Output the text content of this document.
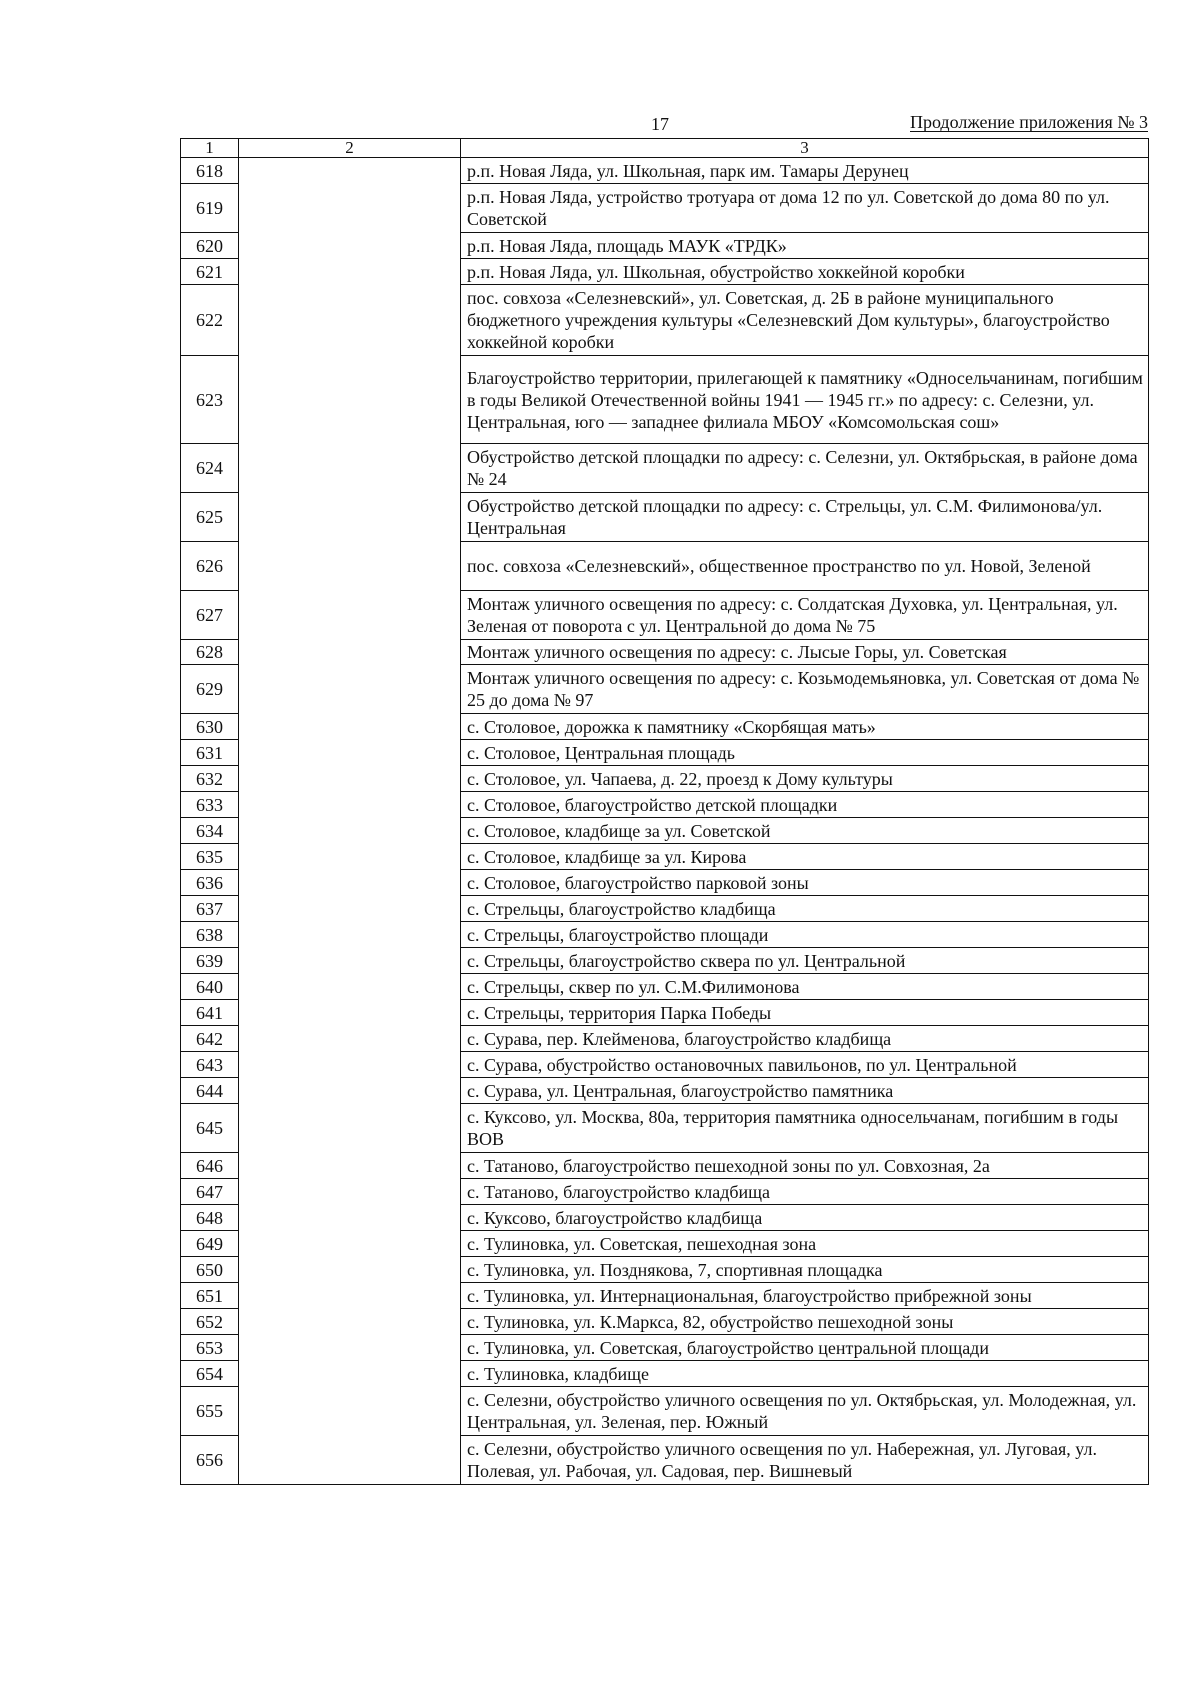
17	Продолжение приложения № 3
1	2	3
618		р.п. Новая Ляда, ул. Школьная, парк им. Тамары Дерунец
619		р.п. Новая Ляда, устройство тротуара от дома 12 по ул. Советской до дома 80 по ул. Советской
620		р.п. Новая Ляда, площадь МАУК «ТРДК»
621		р.п. Новая Ляда, ул. Школьная, обустройство хоккейной коробки
622		пос. совхоза «Селезневский», ул. Советская, д. 2Б в районе муниципального бюджетного учреждения культуры «Селезневский Дом культуры», благоустройство хоккейной коробки
623		Благоустройство территории, прилегающей к памятнику «Односельчанинам, погибшим в годы Великой Отечественной войны 1941 — 1945 гг.» по адресу: с. Селезни, ул. Центральная, юго — западнее филиала МБОУ «Комсомольская сош»
624		Обустройство детской площадки по адресу: с. Селезни, ул. Октябрьская, в районе дома № 24
625		Обустройство детской площадки по адресу: с. Стрельцы, ул. С.М. Филимонова/ул. Центральная
626		пос. совхоза «Селезневский», общественное пространство по ул. Новой, Зеленой
627		Монтаж уличного освещения по адресу: с. Солдатская Духовка, ул. Центральная, ул. Зеленая от поворота с ул. Центральной до дома № 75
628		Монтаж уличного освещения по адресу: с. Лысые Горы, ул. Советская
629		Монтаж уличного освещения по адресу: с. Козьмодемьяновка, ул. Советская от дома № 25 до дома № 97
630		с. Столовое, дорожка к памятнику «Скорбящая мать»
631		с. Столовое, Центральная площадь
632		с. Столовое, ул. Чапаева, д. 22, проезд к Дому культуры
633		с. Столовое, благоустройство детской площадки
634		с. Столовое, кладбище за ул. Советской
635		с. Столовое, кладбище за ул. Кирова
636		с. Столовое, благоустройство парковой зоны
637		с. Стрельцы, благоустройство кладбища
638		с. Стрельцы, благоустройство площади
639		с. Стрельцы, благоустройство сквера по ул. Центральной
640		с. Стрельцы, сквер по ул. С.М.Филимонова
641		с. Стрельцы, территория Парка Победы
642		с. Сурава, пер. Клейменова, благоустройство кладбища
643		с. Сурава, обустройство остановочных павильонов, по ул. Центральной
644		с. Сурава, ул. Центральная, благоустройство памятника
645		с. Куксово, ул. Москва, 80а, территория памятника односельчанам, погибшим в годы ВОВ
646		с. Татаново, благоустройство пешеходной зоны по ул. Совхозная, 2а
647		с. Татаново, благоустройство кладбища
648		с. Куксово, благоустройство кладбища
649		с. Тулиновка, ул. Советская, пешеходная зона
650		с. Тулиновка, ул. Позднякова, 7, спортивная площадка
651		с. Тулиновка, ул. Интернациональная, благоустройство прибрежной зоны
652		с. Тулиновка, ул. К.Маркса, 82, обустройство пешеходной зоны
653		с. Тулиновка, ул. Советская, благоустройство центральной площади
654		с. Тулиновка, кладбище
655		с. Селезни, обустройство уличного освещения по ул. Октябрьская, ул. Молодежная, ул. Центральная, ул. Зеленая, пер. Южный
656		с. Селезни, обустройство уличного освещения по ул. Набережная, ул. Луговая, ул. Полевая, ул. Рабочая, ул. Садовая, пер. Вишневый
